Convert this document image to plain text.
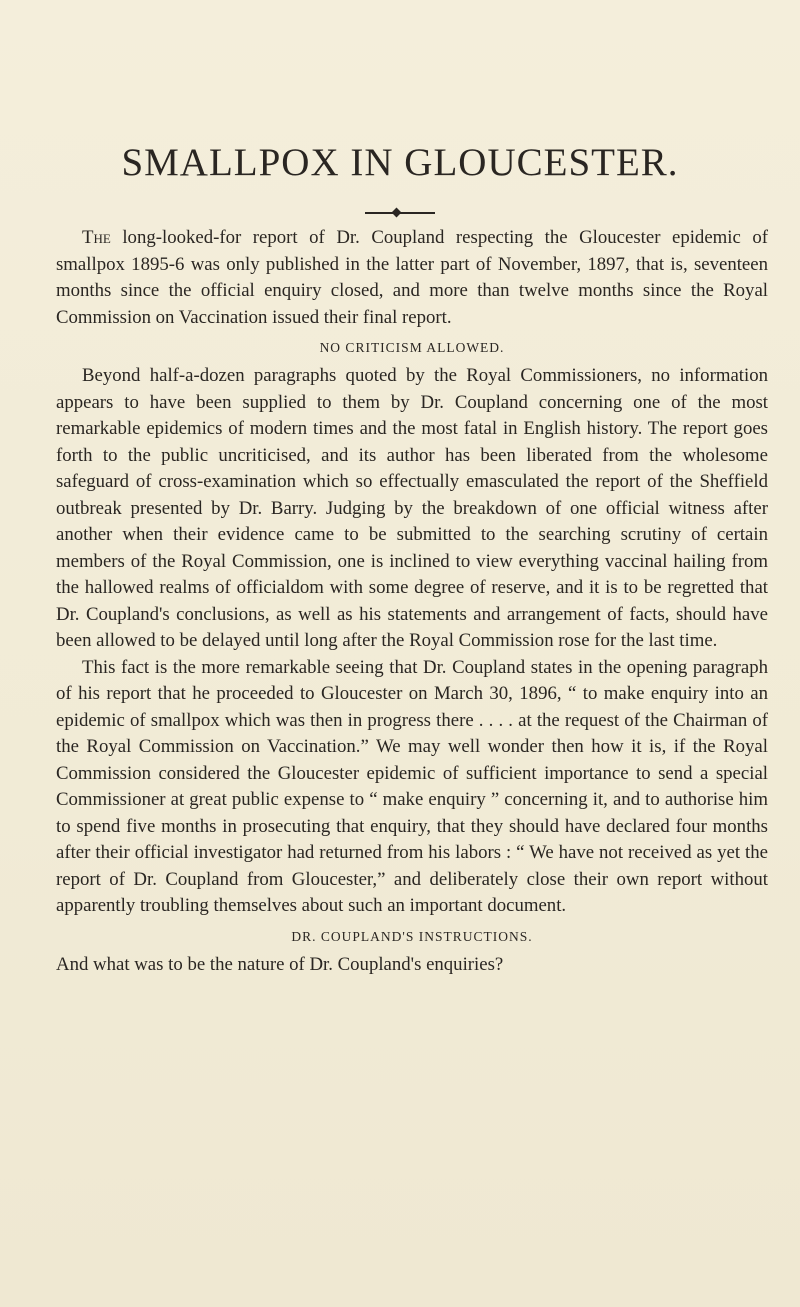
SMALLPOX IN GLOUCESTER.

The long-looked-for report of Dr. Coupland respecting the Gloucester epidemic of smallpox 1895-6 was only published in the latter part of November, 1897, that is, seventeen months since the official enquiry closed, and more than twelve months since the Royal Commission on Vaccination issued their final report.

NO CRITICISM ALLOWED.

Beyond half-a-dozen paragraphs quoted by the Royal Commissioners, no information appears to have been supplied to them by Dr. Coupland concerning one of the most remarkable epidemics of modern times and the most fatal in English history. The report goes forth to the public uncriticised, and its author has been liberated from the wholesome safeguard of cross-examination which so effectually emasculated the report of the Sheffield outbreak presented by Dr. Barry. Judging by the breakdown of one official witness after another when their evidence came to be submitted to the searching scrutiny of certain members of the Royal Commission, one is inclined to view everything vaccinal hailing from the hallowed realms of officialdom with some degree of reserve, and it is to be regretted that Dr. Coupland's conclusions, as well as his statements and arrangement of facts, should have been allowed to be delayed until long after the Royal Commission rose for the last time.

This fact is the more remarkable seeing that Dr. Coupland states in the opening paragraph of his report that he proceeded to Gloucester on March 30, 1896, “ to make enquiry into an epidemic of smallpox which was then in progress there . . . . at the request of the Chairman of the Royal Commission on Vaccination.” We may well wonder then how it is, if the Royal Commission considered the Gloucester epidemic of sufficient importance to send a special Commissioner at great public expense to “ make enquiry ” concerning it, and to authorise him to spend five months in prosecuting that enquiry, that they should have declared four months after their official investigator had returned from his labors : “ We have not received as yet the report of Dr. Coupland from Gloucester,” and deliberately close their own report without apparently troubling themselves about such an important document.

DR. COUPLAND'S INSTRUCTIONS.

And what was to be the nature of Dr. Coupland's enquiries?
